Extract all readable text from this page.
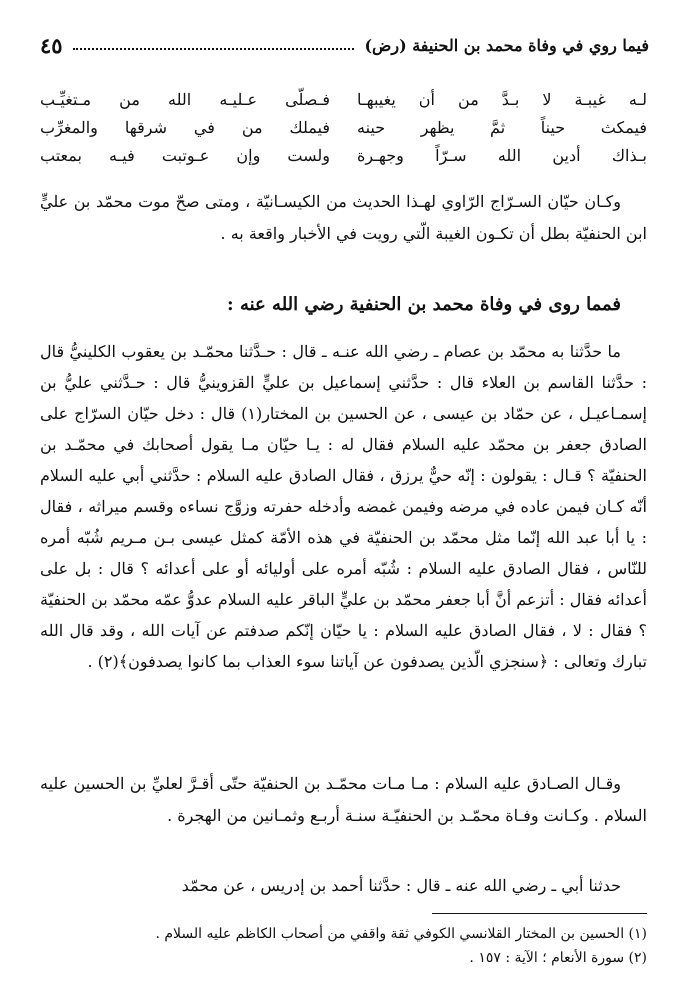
فيما روي في وفاة محمد بن الحنيفة (رض)
٤٥
لـه غيبـة لا بـدَّ من أن يغيبهـا
فـصلّى عـليـه الله من مـتغيِّـب
فيمكث حيناً ثمَّ يظهر حينه
فيملك من في شرقها والمغرِّب
بـذاك أدين الله سـرّاً وجهـرة
ولست وإن عـوتبت فيـه بمعتب

وكـان حيّان السـرّاج الرّاوي لهـذا الحديث من الكيسـانيّة ، ومتى صحّ موت محمّد بن عليٍّ ابن الحنفيّة بطل أن تكـون الغيبة الّتي رويت في الأخبار واقعة به .

فمما روى في وفاة محمد بن الحنفية رضي الله عنه :

ما حدَّثنا به محمّد بن عصام ـ رضي الله عنـه ـ قال : حـدَّثنا محمّـد بن يعقوب الكلينيُّ قال : حدَّثنا القاسم بن العلاء قال : حدَّثني إسماعيل بن عليٍّ القزوينيُّ قال : حـدَّثني عليُّ بن إسمـاعيـل ، عن حمّاد بن عيسى ، عن الحسين بن المختار(١) قال : دخل حيّان السرّاج على الصادق جعفر بن محمّد عليه السلام فقال له : يـا حيّان مـا يقول أصحابك في محمّـد بن الحنفيّة ؟ قـال : يقولون : إنّه حيٌّ يرزق ، فقال الصادق عليه السلام : حدَّثني أبي عليه السلام أنّه كـان فيمن عاده في مرضه وفيمن غمضه وأدخله حفرته وزوَّج نساءه وقسم ميراثه ، فقال : يا أبا عبد الله إنّما مثل محمّد بن الحنفيّة في هذه الأمّة كمثل عيسى بـن مـريم شُبّه أمره للنّاس ، فقال الصادق عليه السلام : شُبّه أمره على أوليائه أو على أعدائه ؟ قال : بل على أعدائه فقال : أتزعم أنَّ أبا جعفر محمّد بن عليٍّ الباقر عليه السلام عدوُّ عمّه محمّد بن الحنفيّة ؟ فقال : لا ، فقال الصادق عليه السلام : يا حيّان إنّكم صدفتم عن آيات الله ، وقد قال الله تبارك وتعالى : ﴿سنجزي الّذين يصدفون عن آياتنا سوء العذاب بما كانوا يصدفون﴾(٢) .

وقـال الصـادق عليه السلام : مـا مـات محمّـد بن الحنفيّة حتّى أقـرَّ لعليِّ بن الحسين عليه السلام . وكـانت وفـاة محمّـد بن الحنفيّـة سنـة أربـع وثمـانين من الهجرة .

حدثنا أبي ـ رضي الله عنه ـ قال : حدَّثنا أحمد بن إدريس ، عن محمّد

(١) الحسين بن المختار القلانسي الكوفي ثقة واقفي من أصحاب الكاظم عليه السلام .
(٢) سورة الأنعام ؛ الآية : ١٥٧ .
